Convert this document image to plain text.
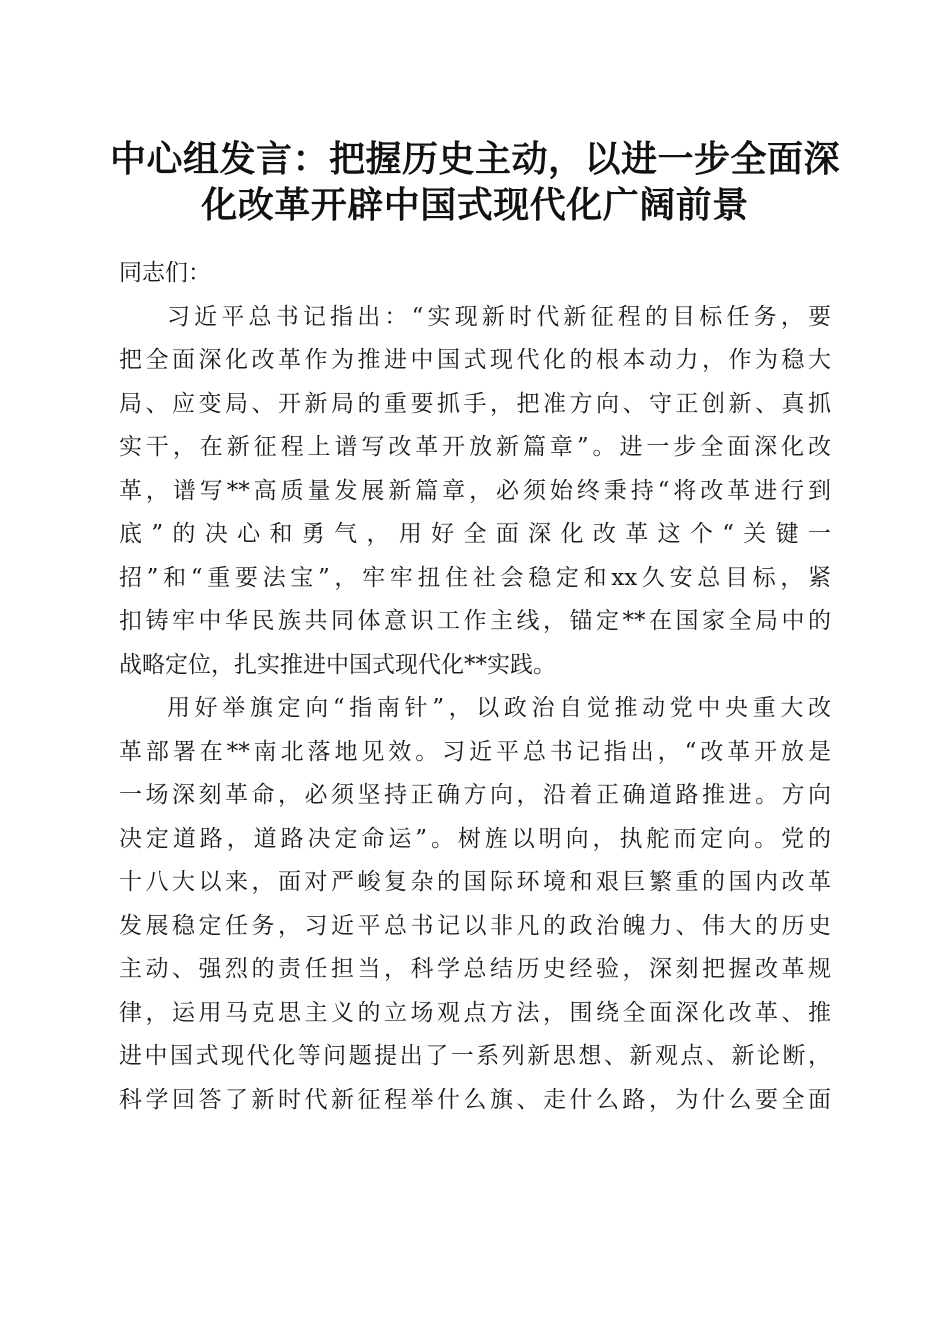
中心组发言：把握历史主动，以进一步全面深
化改革开辟中国式现代化广阔前景
同志们：
习近平总书记指出：“实现新时代新征程的目标任务，要
把全面深化改革作为推进中国式现代化的根本动力，作为稳大
局、应变局、开新局的重要抓手，把准方向、守正创新、真抓
实干，在新征程上谱写改革开放新篇章”。进一步全面深化改
革，谱写**高质量发展新篇章，必须始终秉持“将改革进行到
底”的决心和勇气，用好全面深化改革这个“关键一
招”和“重要法宝”，牢牢扭住社会稳定和xx久安总目标，紧
扣铸牢中华民族共同体意识工作主线，锚定**在国家全局中的
战略定位，扎实推进中国式现代化**实践。
用好举旗定向“指南针”，以政治自觉推动党中央重大改
革部署在**南北落地见效。习近平总书记指出，“改革开放是
一场深刻革命，必须坚持正确方向，沿着正确道路推进。方向
决定道路，道路决定命运”。树旌以明向，执舵而定向。党的
十八大以来，面对严峻复杂的国际环境和艰巨繁重的国内改革
发展稳定任务，习近平总书记以非凡的政治魄力、伟大的历史
主动、强烈的责任担当，科学总结历史经验，深刻把握改革规
律，运用马克思主义的立场观点方法，围绕全面深化改革、推
进中国式现代化等问题提出了一系列新思想、新观点、新论断，
科学回答了新时代新征程举什么旗、走什么路，为什么要全面
